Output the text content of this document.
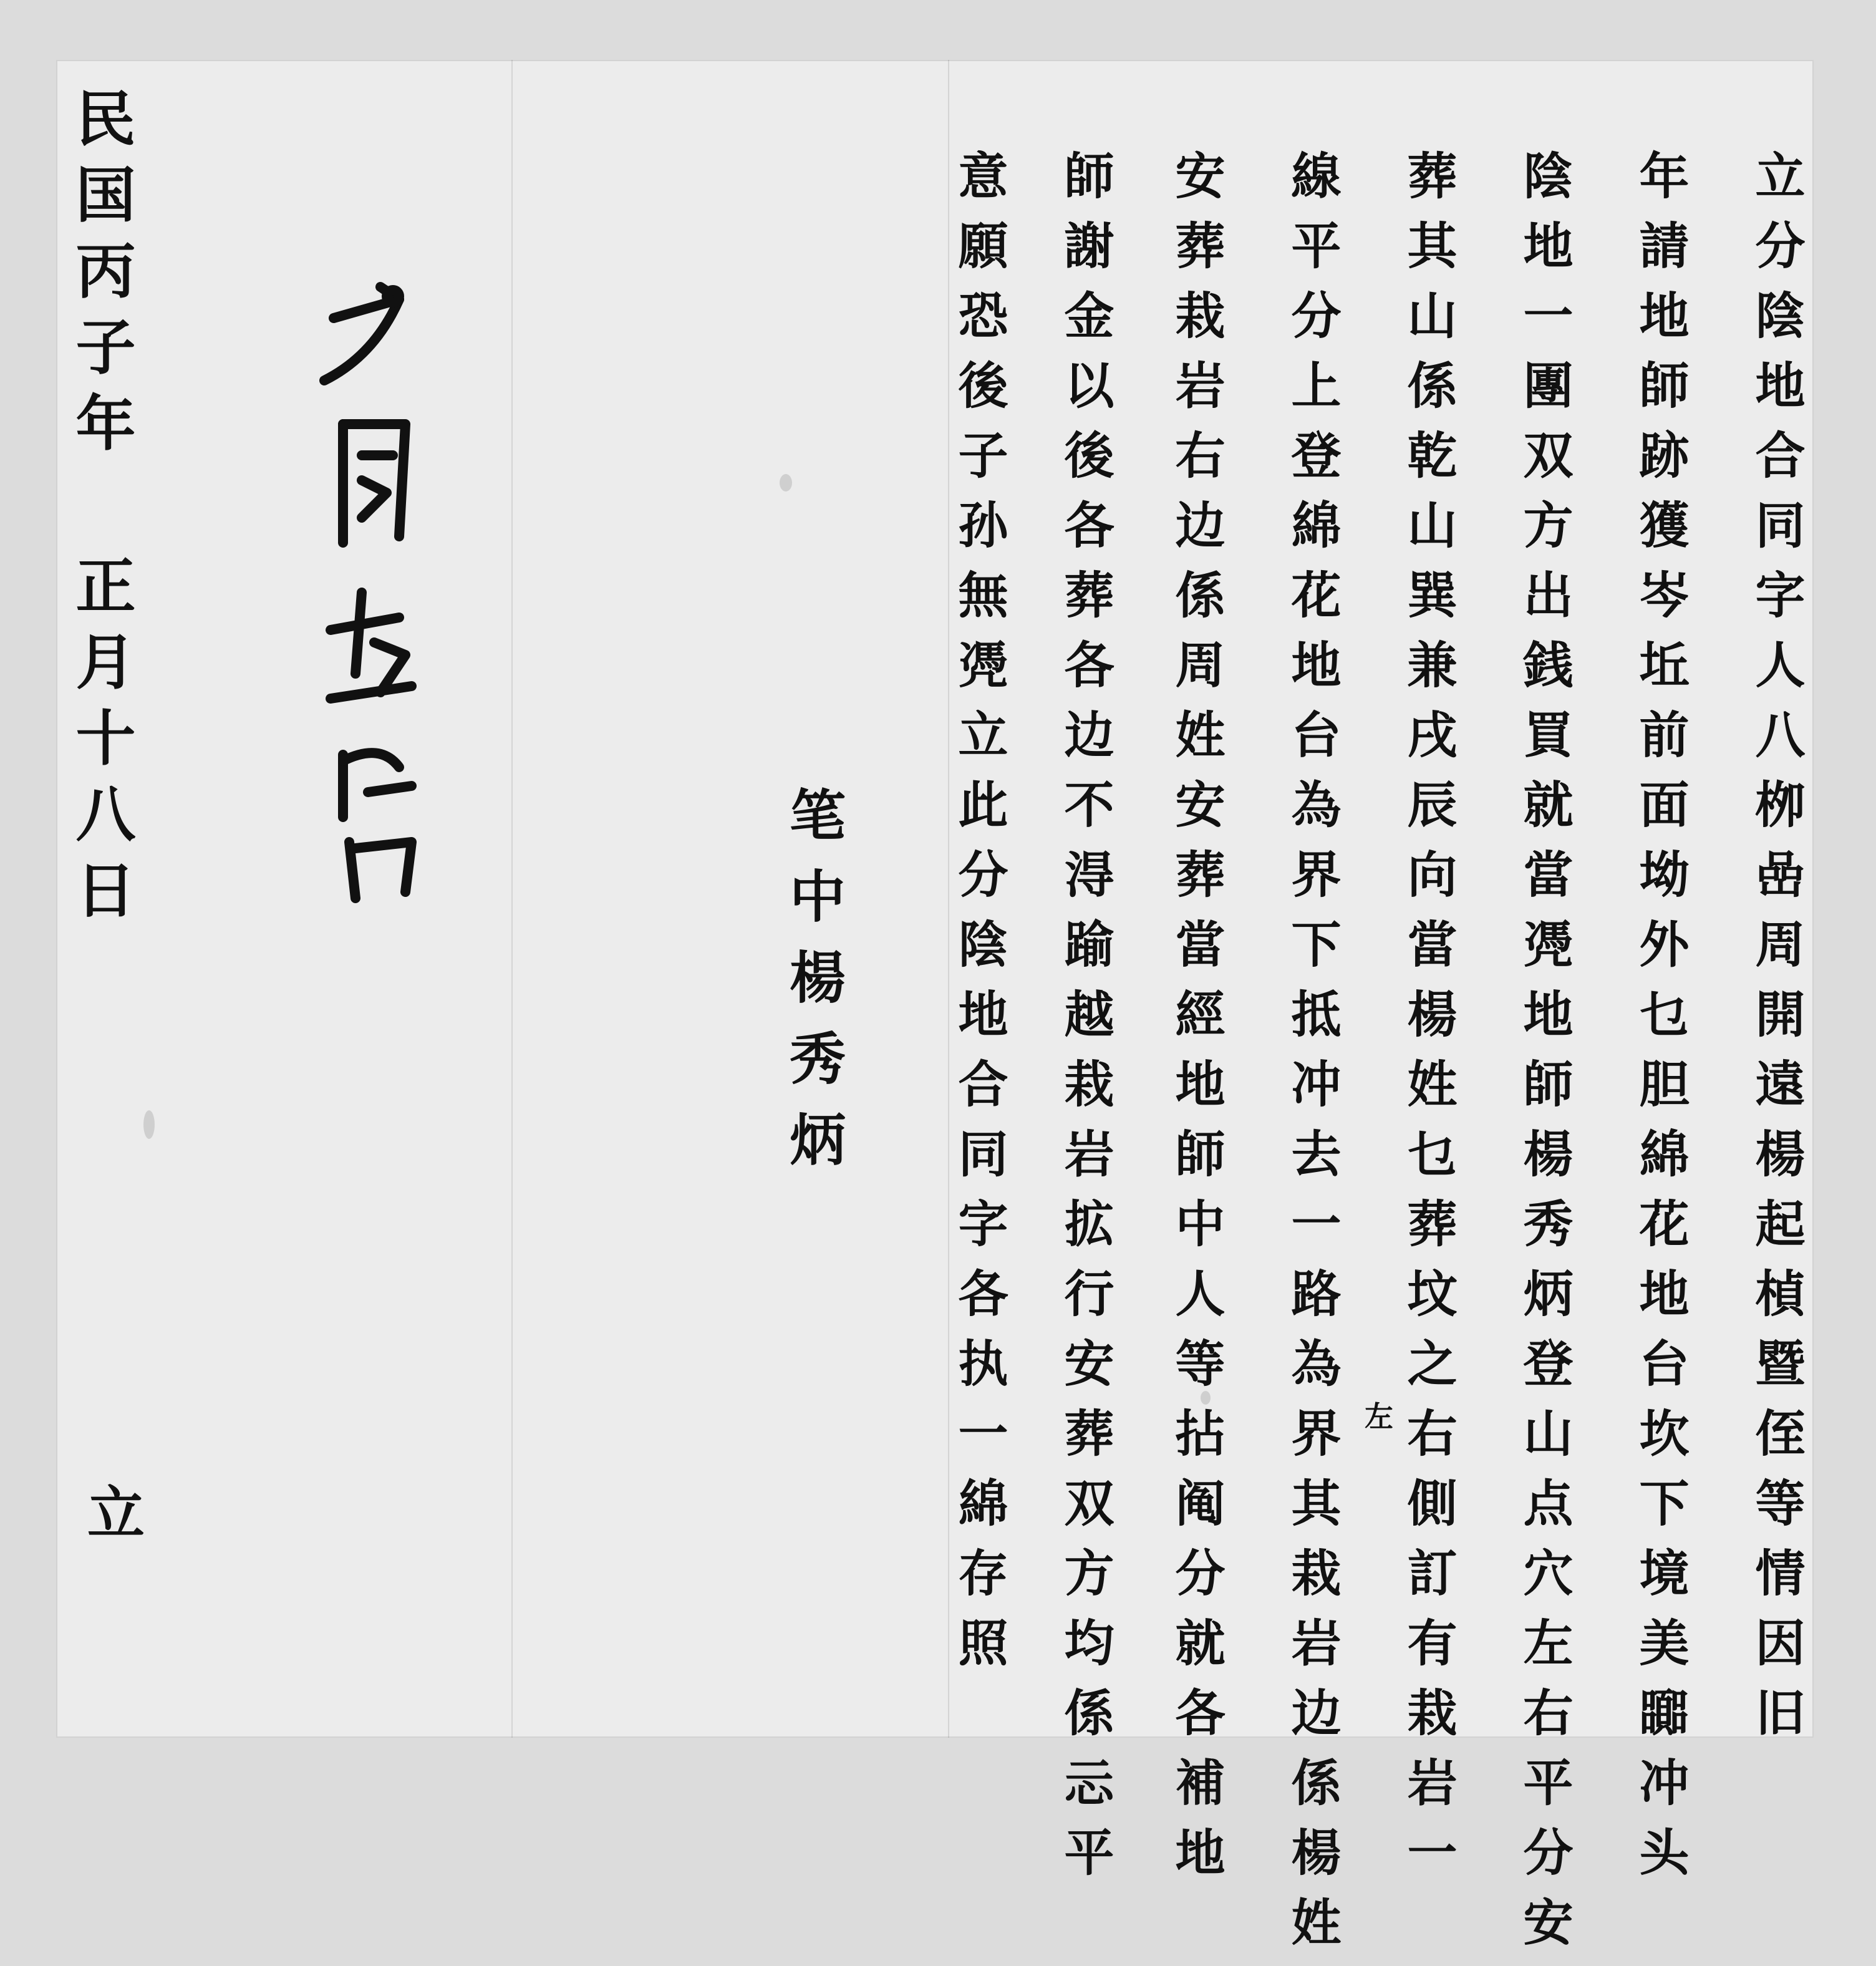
立分陰地合同字人八栁嵒周開遠楊起楨暨侄等情因旧
年請地師跡獲岑坵前面坳外乜胆綿花地台坎下境美嚻冲头
陰地一團双方出銭買就當凴地師楊秀炳登山点穴左右平分安
葬其山係乾山巽兼戌辰向當楊姓乜葬坟之右側訂有栽岩一
線平分上登綿花地台為界下抵冲去一路為界其栽岩边係楊姓
安葬栽岩右边係周姓安葬當經地師中人等拈阄分就各補地
師謝金以後各葬各边不淂踰越栽岩拡行安葬双方均係忈平
意願恐後子孙無凴立此分陰地合同字各执一綿存照	左
笔中楊秀炳
民国丙子年 正月十八日
立
